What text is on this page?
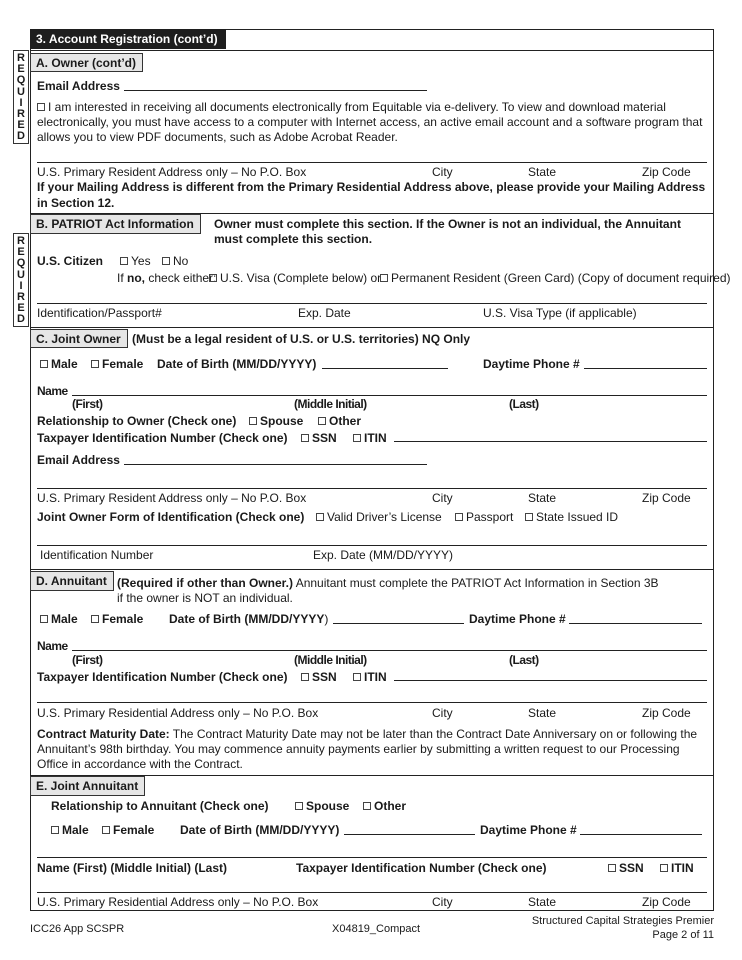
3. Account Registration (cont’d)
R
E
Q
U
I
R
E
D
R
E
Q
U
I
R
E
D
A. Owner (cont’d)
Email Address
I am interested in receiving all documents electronically from Equitable via e-delivery. To view and download material electronically, you must have access to a computer with Internet access, an active email account and a software program that allows you to view PDF documents, such as Adobe Acrobat Reader.
U.S. Primary Resident Address only – No P.O. Box	City	State	Zip Code
If your Mailing Address is different from the Primary Residential Address above, please provide your Mailing Address in Section 12.
B. PATRIOT Act Information	Owner must complete this section. If the Owner is not an individual, the Annuitant must complete this section.
U.S. Citizen	Yes	No
If no, check either: U.S. Visa (Complete below) or Permanent Resident (Green Card) (Copy of document required)
Identification/Passport#	Exp. Date	U.S. Visa Type (if applicable)
C. Joint Owner (Must be a legal resident of U.S. or U.S. territories) NQ Only
Male	Female Date of Birth (MM/DD/YYYY)	Daytime Phone #
Name
(First)	(Middle Initial)	(Last)
Relationship to Owner (Check one)	Spouse	Other
Taxpayer Identification Number (Check one)	SSN	ITIN
Email Address
U.S. Primary Resident Address only – No P.O. Box	City	State	Zip Code
Joint Owner Form of Identification (Check one)	Valid Driver’s License	Passport	State Issued ID
Identification Number	Exp. Date (MM/DD/YYYY)
D. Annuitant (Required if other than Owner.) Annuitant must complete the PATRIOT Act Information in Section 3B
if the owner is NOT an individual.
Male	Female Date of Birth (MM/DD/YYYY)	Daytime Phone #
Name
(First)	(Middle Initial)	(Last)
Taxpayer Identification Number (Check one)	SSN	ITIN
U.S. Primary Residential Address only – No P.O. Box	City	State	Zip Code
Contract Maturity Date: The Contract Maturity Date may not be later than the Contract Date Anniversary on or following the Annuitant’s 98th birthday. You may commence annuity payments earlier by submitting a written request to our Processing Office in accordance with the Contract.
E. Joint Annuitant
Relationship to Annuitant (Check one)	Spouse	Other
Male	Female Date of Birth (MM/DD/YYYY)	Daytime Phone #
Name (First) (Middle Initial) (Last)	Taxpayer Identification Number (Check one)	SSN	ITIN
U.S. Primary Residential Address only – No P.O. Box	City	State	Zip Code
ICC26 App SCSPR	X04819_Compact
Structured Capital Strategies Premier
Page 2 of 11
